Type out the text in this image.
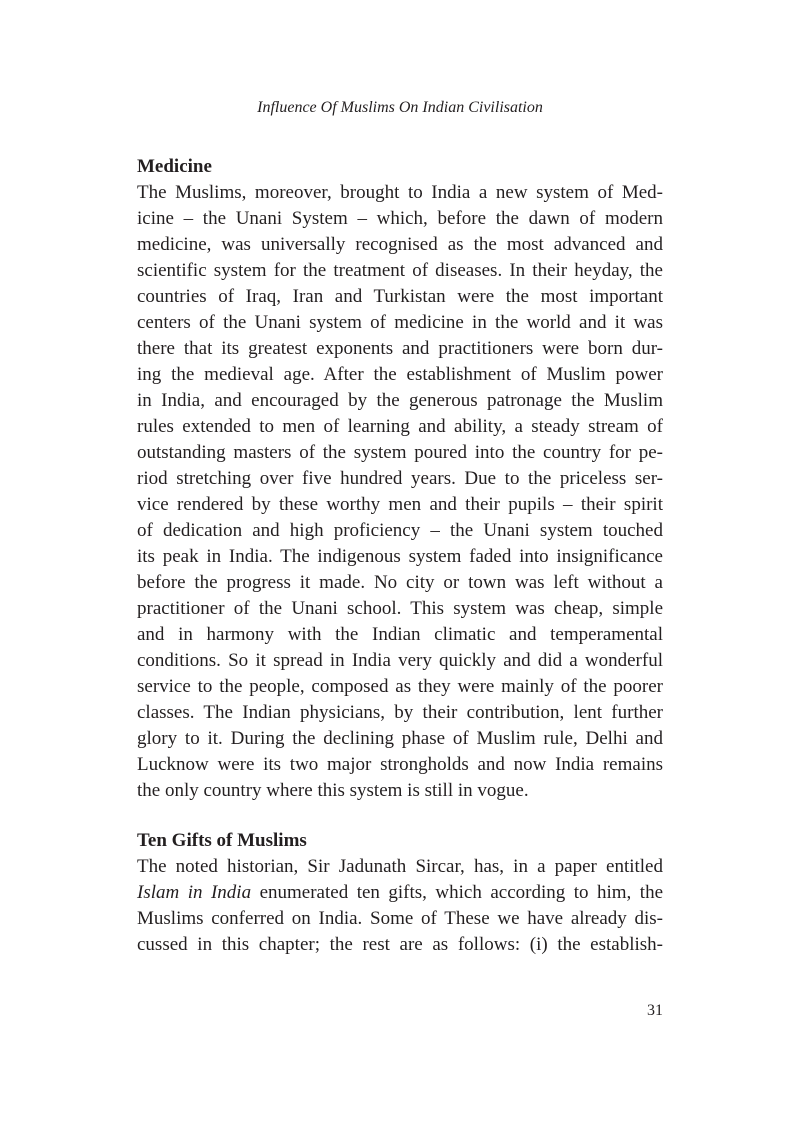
Influence Of Muslims On Indian Civilisation
Medicine
The Muslims, moreover, brought to India a new system of Med-
icine – the Unani System – which, before the dawn of modern
medicine, was universally recognised as the most advanced and
scientific system for the treatment of diseases. In their heyday, the
countries of Iraq, Iran and Turkistan were the most important
centers of the Unani system of medicine in the world and it was
there that its greatest exponents and practitioners were born dur-
ing the medieval age. After the establishment of Muslim power
in India, and encouraged by the generous patronage the Muslim
rules extended to men of learning and ability, a steady stream of
outstanding masters of the system poured into the country for pe-
riod stretching over five hundred years. Due to the priceless ser-
vice rendered by these worthy men and their pupils – their spirit
of dedication and high proficiency – the Unani system touched
its peak in India. The indigenous system faded into insignificance
before the progress it made. No city or town was left without a
practitioner of the Unani school. This system was cheap, simple
and in harmony with the Indian climatic and temperamental
conditions. So it spread in India very quickly and did a wonderful
service to the people, composed as they were mainly of the poorer
classes. The Indian physicians, by their contribution, lent further
glory to it. During the declining phase of Muslim rule, Delhi and
Lucknow were its two major strongholds and now India remains
the only country where this system is still in vogue.
Ten Gifts of Muslims
The noted historian, Sir Jadunath Sircar, has, in a paper entitled
Islam in India enumerated ten gifts, which according to him, the
Muslims conferred on India. Some of These we have already dis-
cussed in this chapter; the rest are as follows: (i) the establish-
31
